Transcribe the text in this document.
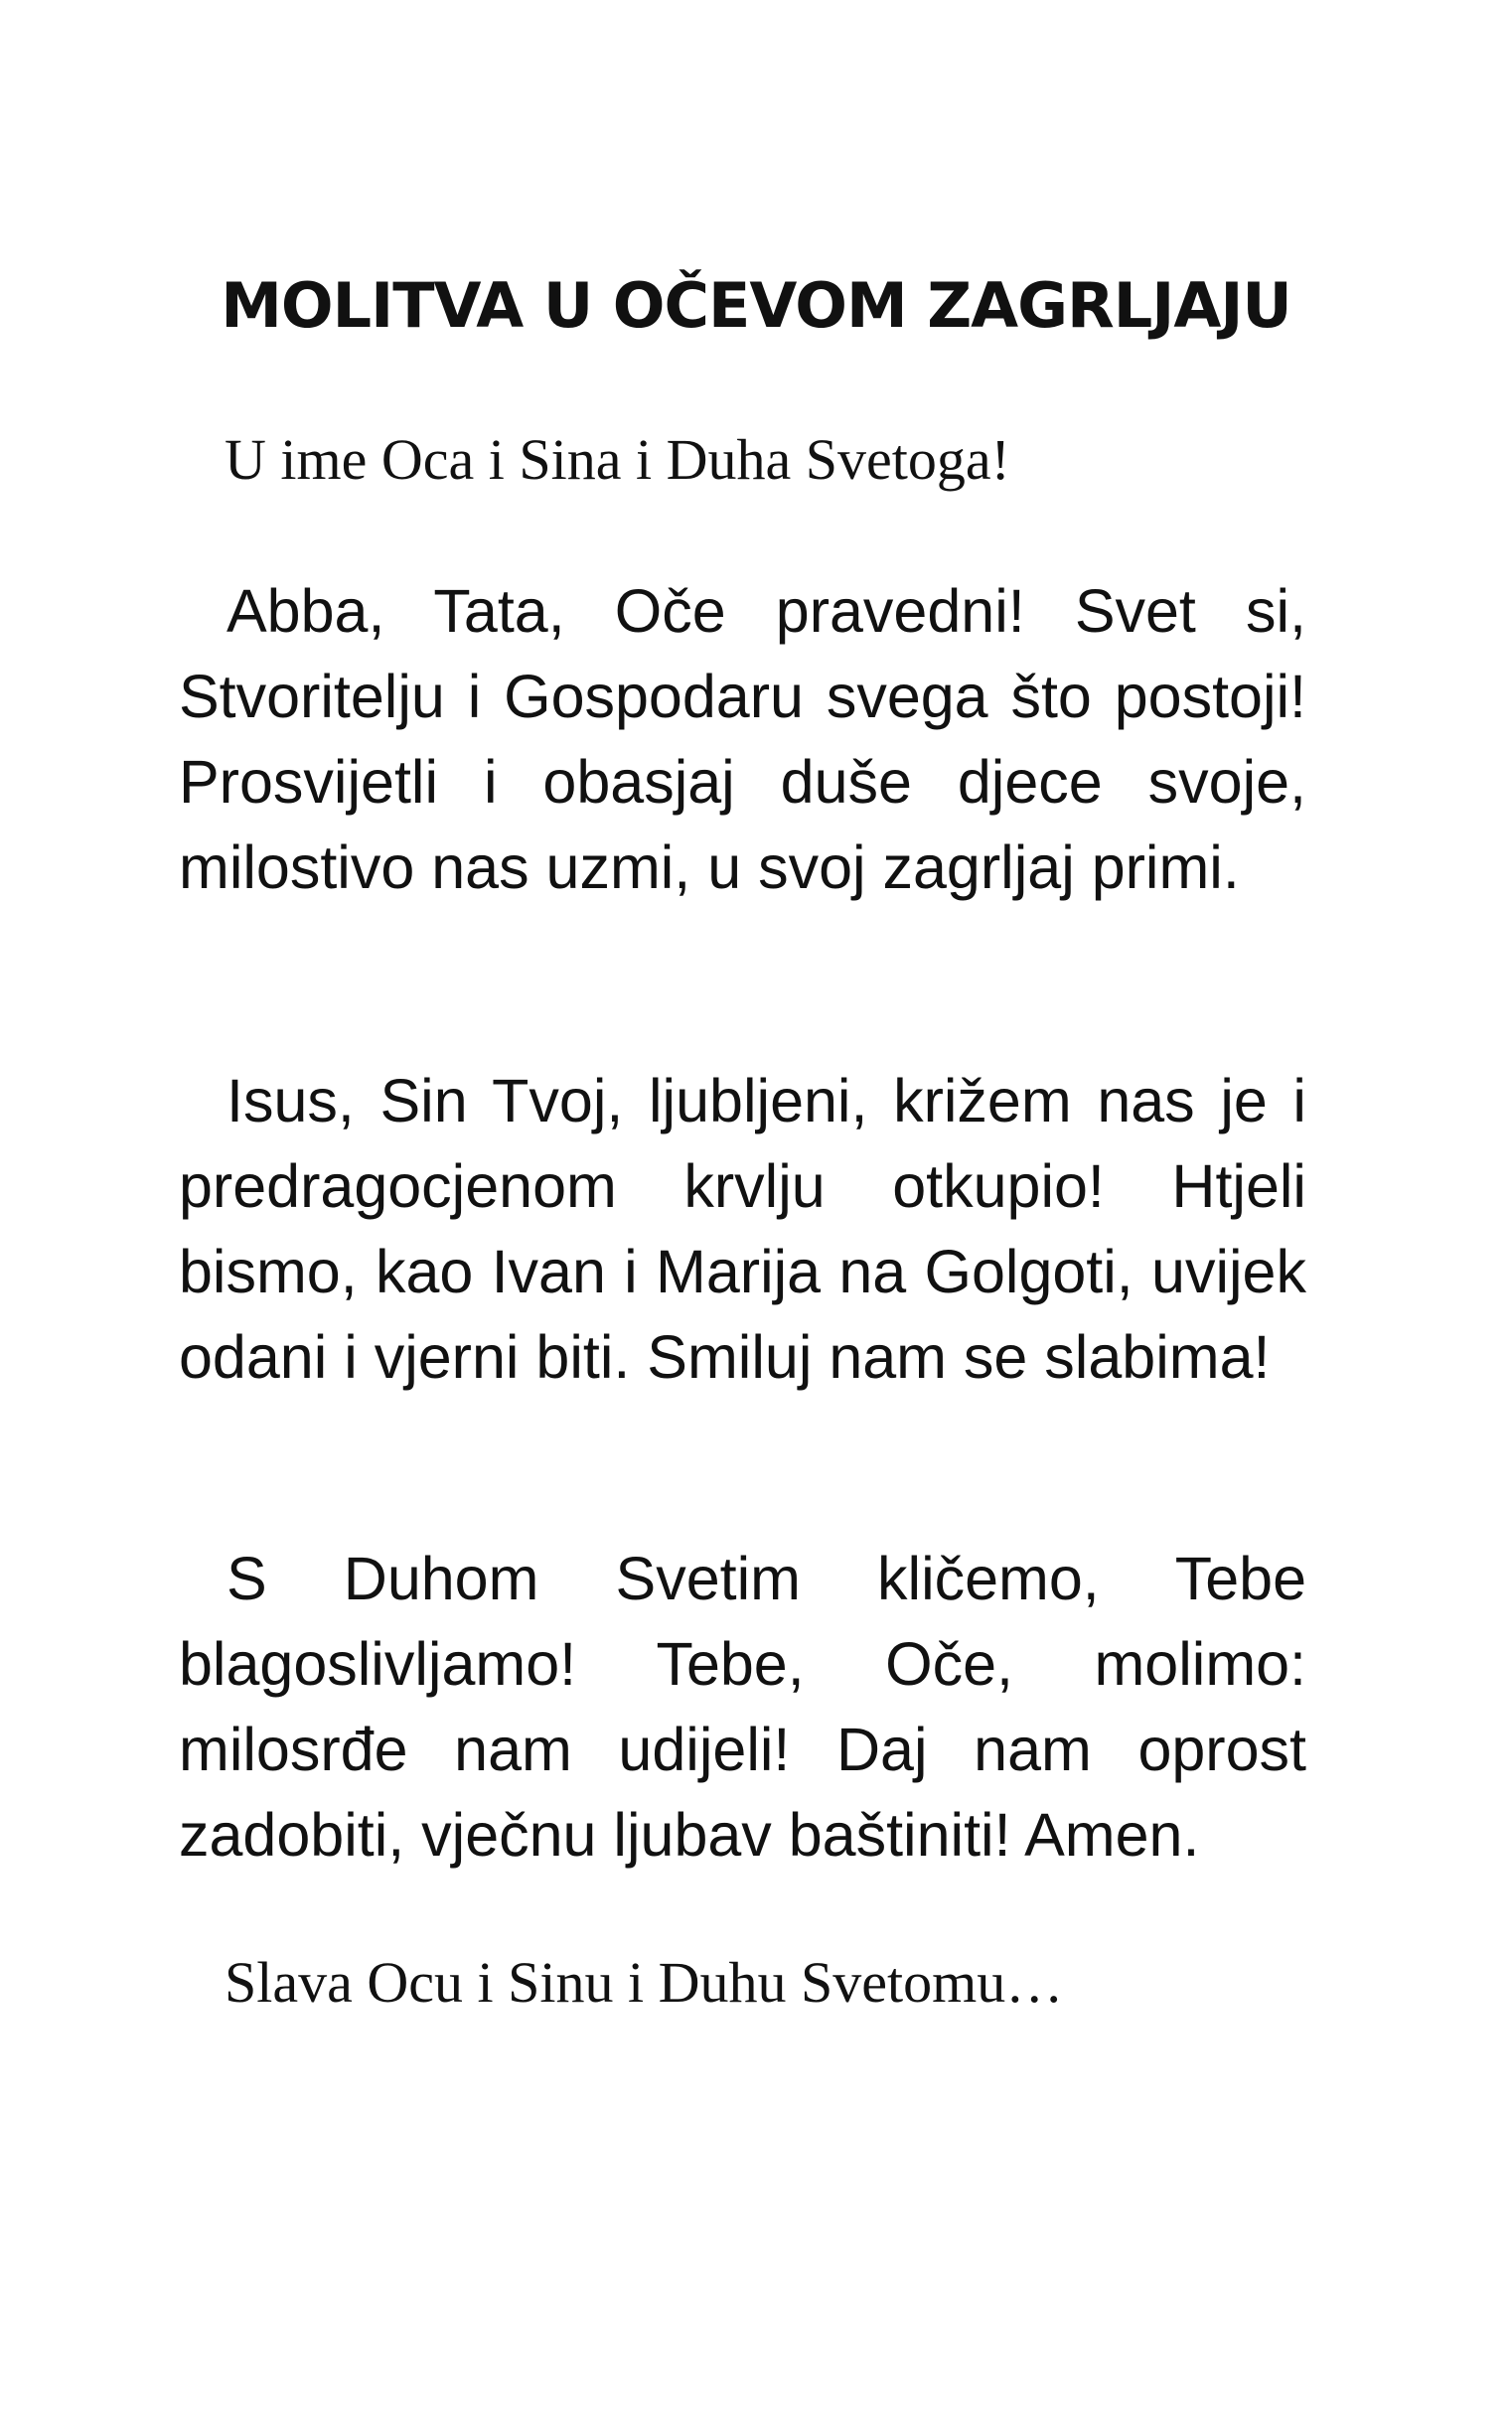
MOLITVA U OČEVOM ZAGRLJAJU

U ime Oca i Sina i Duha Svetoga!

Abba, Tata, Oče pravedni! Svet si, Stvoritelju i Gospodaru svega što postoji! Prosvijetli i obasjaj duše djece svoje, milostivo nas uzmi, u svoj zagrljaj primi.

Isus, Sin Tvoj, ljubljeni, križem nas je i predragocjenom krvlju otkupio! Htjeli bismo, kao Ivan i Marija na Golgoti, uvijek odani i vjerni biti. Smiluj nam se slabima!

S Duhom Svetim kličemo, Tebe blagoslivljamo! Tebe, Oče, molimo: milosrđe nam udijeli! Daj nam oprost zadobiti, vječnu ljubav baštiniti! Amen.

Slava Ocu i Sinu i Duhu Svetomu…
